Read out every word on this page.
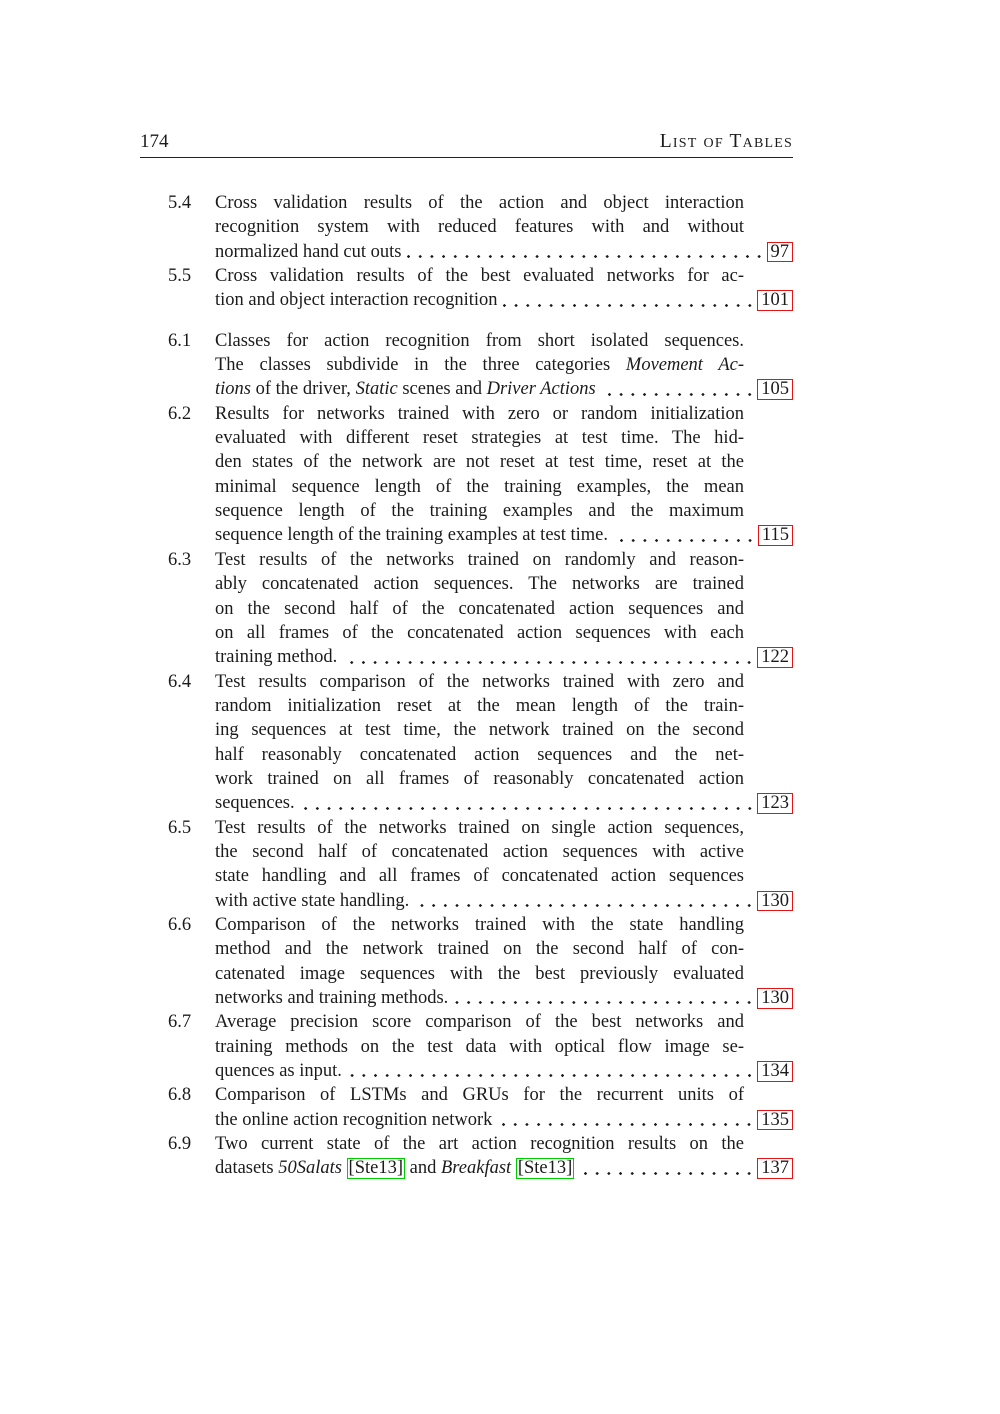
174	List of Tables
5.4	Cross validation results of the action and object interaction
recognition system with reduced features with and without
normalized hand cut outs	97
5.5	Cross validation results of the best evaluated networks for ac-
tion and object interaction recognition	101
6.1	Classes for action recognition from short isolated sequences.
The classes subdivide in the three categories Movement Ac-
tions of the driver, Static scenes and Driver Actions	105
6.2	Results for networks trained with zero or random initialization
evaluated with different reset strategies at test time. The hid-
den states of the network are not reset at test time, reset at the
minimal sequence length of the training examples, the mean
sequence length of the training examples and the maximum
sequence length of the training examples at test time.	115
6.3	Test results of the networks trained on randomly and reason-
ably concatenated action sequences. The networks are trained
on the second half of the concatenated action sequences and
on all frames of the concatenated action sequences with each
training method.	122
6.4	Test results comparison of the networks trained with zero and
random initialization reset at the mean length of the train-
ing sequences at test time, the network trained on the second
half reasonably concatenated action sequences and the net-
work trained on all frames of reasonably concatenated action
sequences.	123
6.5	Test results of the networks trained on single action sequences,
the second half of concatenated action sequences with active
state handling and all frames of concatenated action sequences
with active state handling.	130
6.6	Comparison of the networks trained with the state handling
method and the network trained on the second half of con-
catenated image sequences with the best previously evaluated
networks and training methods.	130
6.7	Average precision score comparison of the best networks and
training methods on the test data with optical flow image se-
quences as input.	134
6.8	Comparison of LSTMs and GRUs for the recurrent units of
the online action recognition network	135
6.9	Two current state of the art action recognition results on the
datasets 50Salats [Ste13] and Breakfast [Ste13]	137
